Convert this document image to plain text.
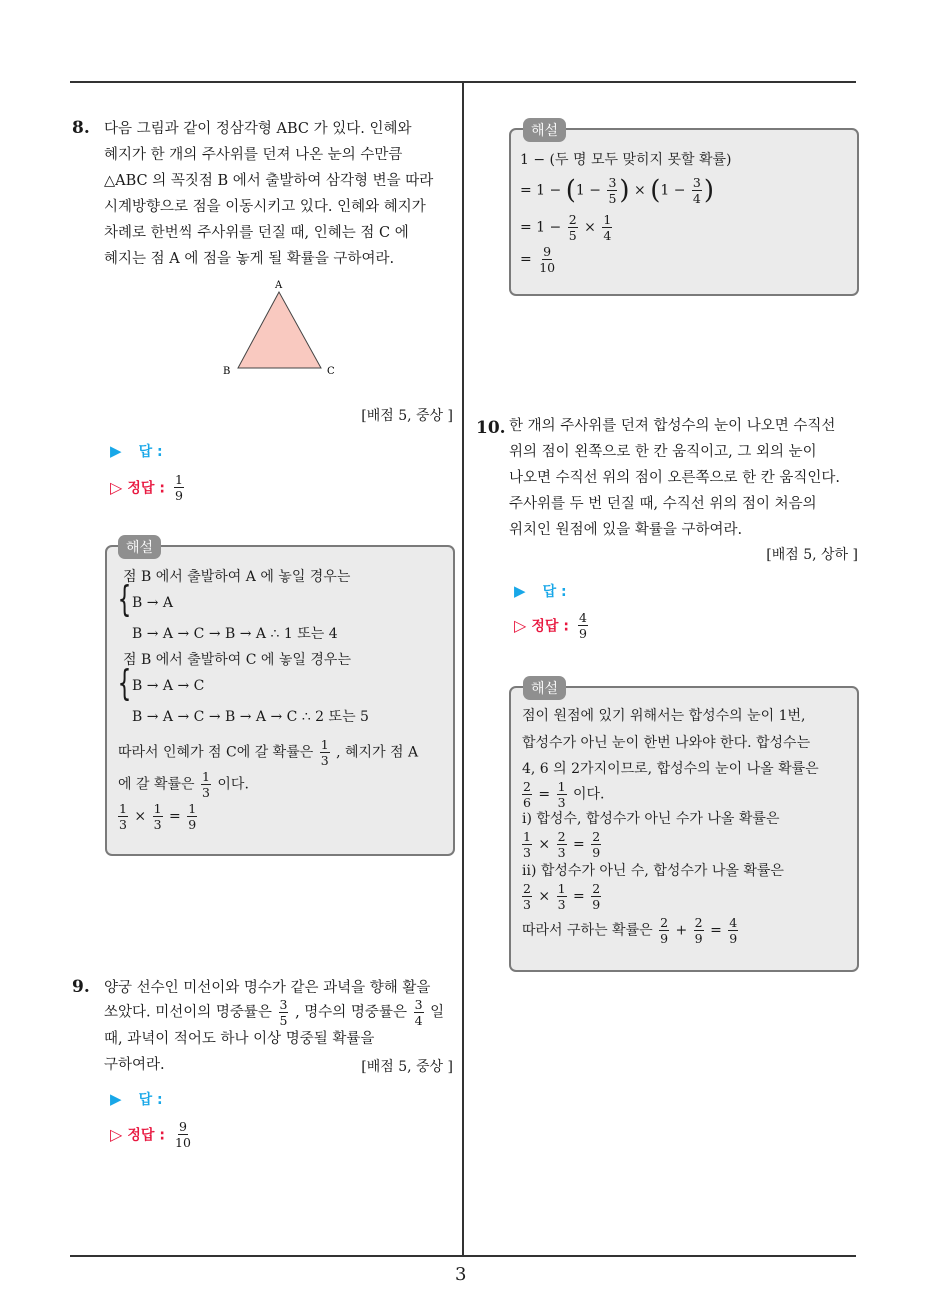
3
8. 다음 그림과 같이 정삼각형 ABC 가 있다. 인혜와
혜지가 한 개의 주사위를 던져 나온 눈의 수만큼
△ABC 의 꼭짓점 B 에서 출발하여 삼각형 변을 따라
시계방향으로 점을 이동시키고 있다. 인혜와 혜지가
차례로 한번씩 주사위를 던질 때, 인혜는 점 C 에
혜지는 점 A 에 점을 놓게 될 확률을 구하여라.
A
B	C
[배점 5, 중상 ]
▶ 답 :
▷ 정답 : $\frac{1}{9}$
해설
점 B 에서 출발하여 A 에 놓일 경우는
{ B → A
B → A → C → B → A ∴ 1 또는 4
점 B 에서 출발하여 C 에 놓일 경우는
{ B → A → C
B → A → C → B → A → C ∴ 2 또는 5
따라서 인혜가 점 C에 갈 확률은 $\frac{1}{3}$ , 혜지가 점 A
에 갈 확률은 $\frac{1}{3}$ 이다.
$\frac{1}{3} \times \frac{1}{3} = \frac{1}{9}$
9. 양궁 선수인 미선이와 명수가 같은 과녁을 향해 활을
쏘았다. 미선이의 명중률은 $\frac{3}{5}$ , 명수의 명중률은 $\frac{3}{4}$ 일
때, 과녁이 적어도 하나 이상 명중될 확률을
구하여라.	[배점 5, 중상 ]
▶ 답 :
▷ 정답 : $\frac{9}{10}$
해설
1 − (두 명 모두 맞히지 못할 확률)
= $1 - (1 - \frac{3}{5}$ ) × ($1 - \frac{3}{4}$ )
= $1 - \frac{2}{5} \times \frac{1}{4}$
= $\frac{9}{10}$
10. 한 개의 주사위를 던져 합성수의 눈이 나오면 수직선
위의 점이 왼쪽으로 한 칸 움직이고, 그 외의 눈이
나오면 수직선 위의 점이 오른쪽으로 한 칸 움직인다.
주사위를 두 번 던질 때, 수직선 위의 점이 처음의
위치인 원점에 있을 확률을 구하여라.
[배점 5, 상하 ]
▶ 답 :
▷ 정답 : $\frac{4}{9}$
해설
점이 원점에 있기 위해서는 합성수의 눈이 1번,
합성수가 아닌 눈이 한번 나와야 한다. 합성수는
4, 6 의 2가지이므로, 합성수의 눈이 나올 확률은
$\frac{2}{6} = \frac{1}{3}$ 이다.
ⅰ) 합성수, 합성수가 아닌 수가 나올 확률은
$\frac{1}{3} \times \frac{2}{3} = \frac{2}{9}$
ⅱ) 합성수가 아닌 수, 합성수가 나올 확률은
$\frac{2}{3} \times \frac{1}{3} = \frac{2}{9}$
따라서 구하는 확률은 $\frac{2}{9} + \frac{2}{9} = \frac{4}{9}$
